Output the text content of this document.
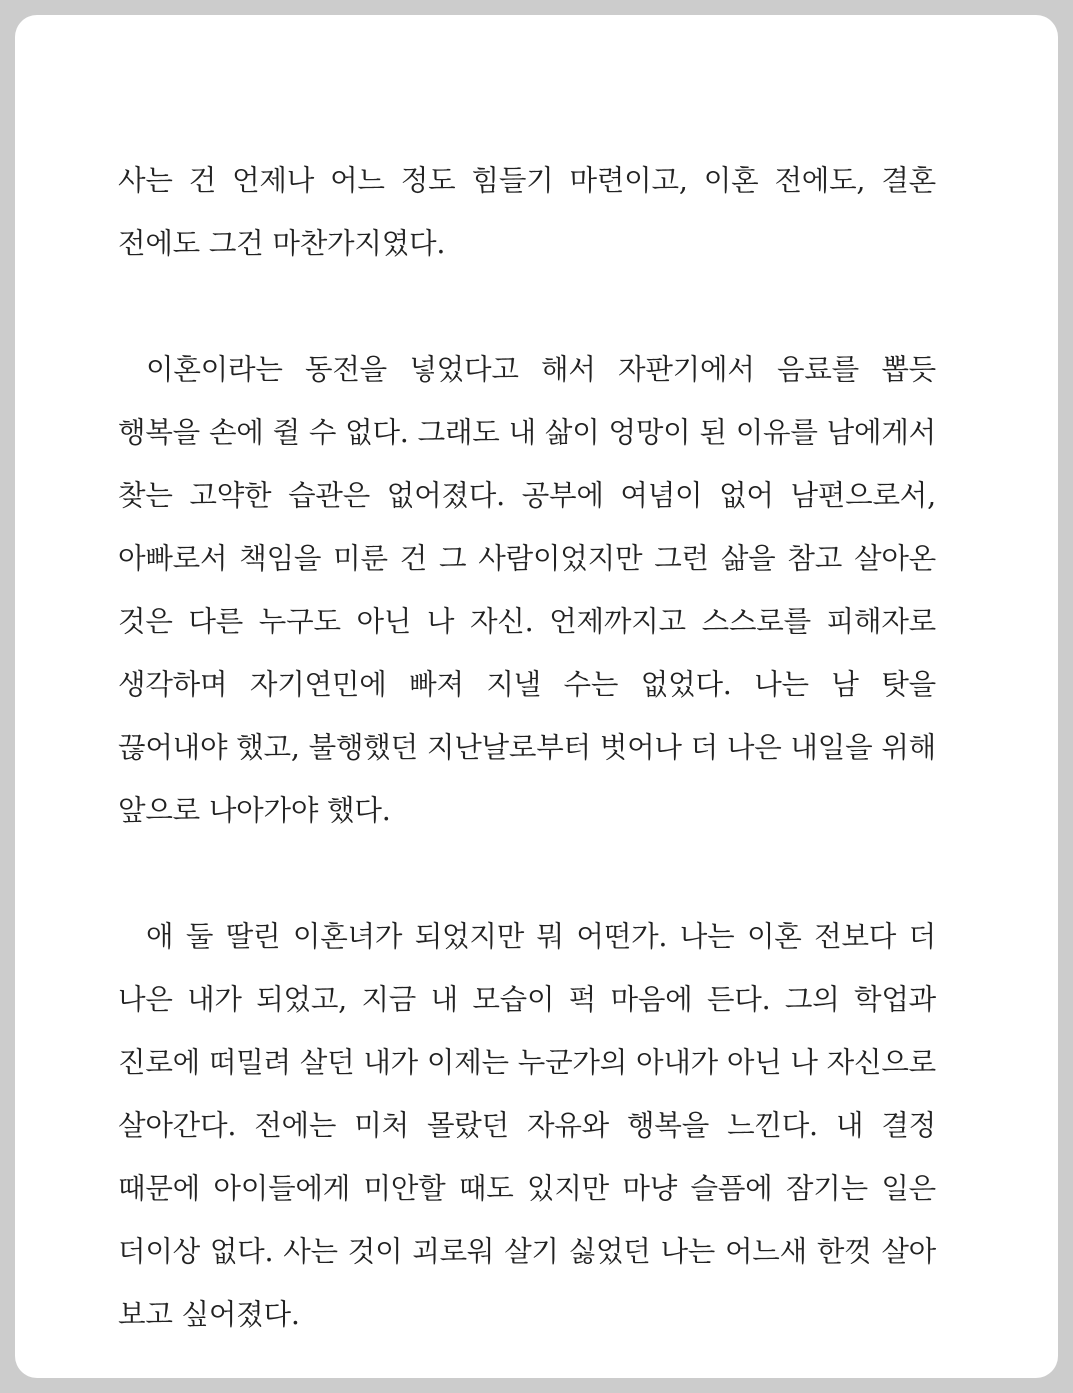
사는 건 언제나 어느 정도 힘들기 마련이고, 이혼 전에도, 결혼 전에도 그건 마찬가지였다.

이혼이라는 동전을 넣었다고 해서 자판기에서 음료를 뽑듯 행복을 손에 쥘 수 없다. 그래도 내 삶이 엉망이 된 이유를 남에게서 찾는 고약한 습관은 없어졌다. 공부에 여념이 없어 남편으로서, 아빠로서 책임을 미룬 건 그 사람이었지만 그런 삶을 참고 살아온 것은 다른 누구도 아닌 나 자신. 언제까지고 스스로를 피해자로 생각하며 자기연민에 빠져 지낼 수는 없었다. 나는 남 탓을 끊어내야 했고, 불행했던 지난날로부터 벗어나 더 나은 내일을 위해 앞으로 나아가야 했다.

애 둘 딸린 이혼녀가 되었지만 뭐 어떤가. 나는 이혼 전보다 더 나은 내가 되었고, 지금 내 모습이 퍽 마음에 든다. 그의 학업과 진로에 떠밀려 살던 내가 이제는 누군가의 아내가 아닌 나 자신으로 살아간다. 전에는 미처 몰랐던 자유와 행복을 느낀다. 내 결정 때문에 아이들에게 미안할 때도 있지만 마냥 슬픔에 잠기는 일은 더이상 없다. 사는 것이 괴로워 살기 싫었던 나는 어느새 한껏 살아 보고 싶어졌다.
